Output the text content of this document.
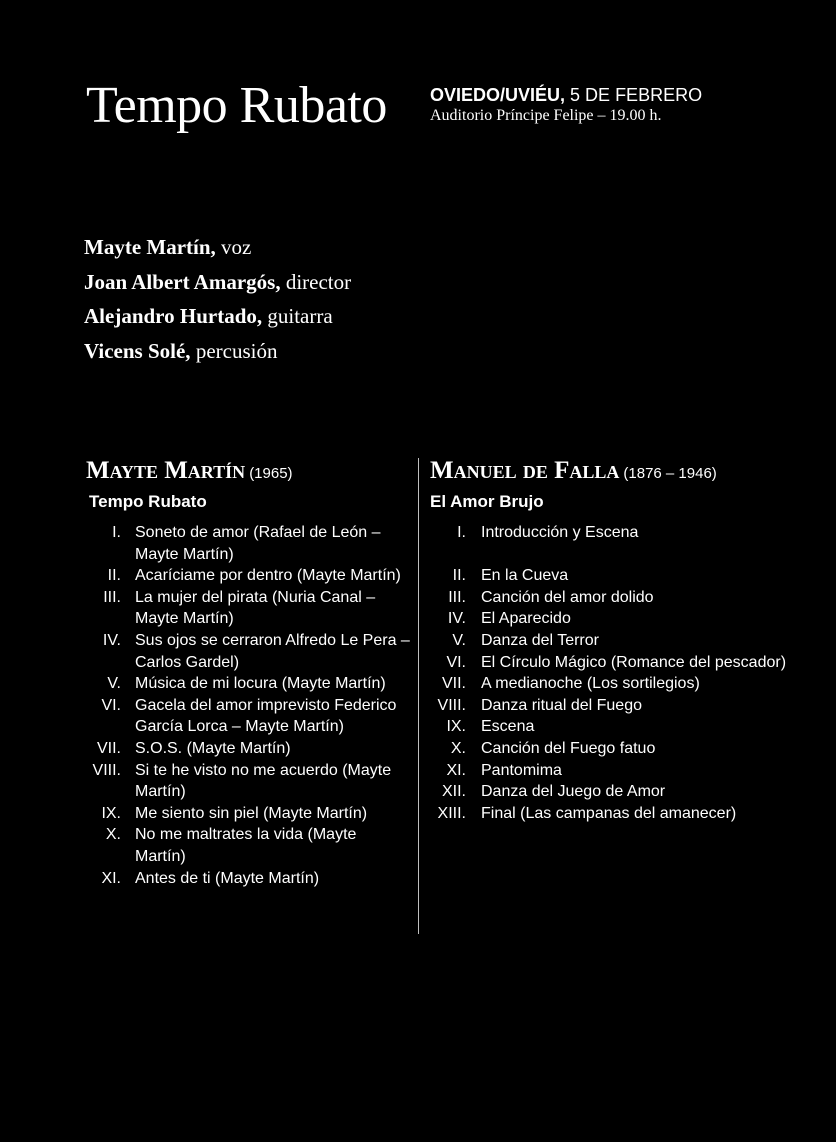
Tempo Rubato OVIEDO/UVIÉU, 5 DE FEBRERO
Auditorio Príncipe Felipe – 19.00 h.
Mayte Martín, voz
Joan Albert Amargós, director
Alejandro Hurtado, guitarra
Vicens Solé, percusión
Mayte Martín (1965)
Tempo Rubato
I. Soneto de amor (Rafael de León – Mayte Martín)
II. Acaríciame por dentro (Mayte Martín)
III. La mujer del pirata (Nuria Canal – Mayte Martín)
IV. Sus ojos se cerraron Alfredo Le Pera – Carlos Gardel)
V. Música de mi locura (Mayte Martín)
VI. Gacela del amor imprevisto Federico García Lorca – Mayte Martín)
VII. S.O.S. (Mayte Martín)
VIII. Si te he visto no me acuerdo (Mayte Martín)
IX. Me siento sin piel (Mayte Martín)
X. No me maltrates la vida (Mayte Martín)
XI. Antes de ti (Mayte Martín)
Manuel de Falla (1876 – 1946)
El Amor Brujo
I. Introducción y Escena
II. En la Cueva
III. Canción del amor dolido
IV. El Aparecido
V. Danza del Terror
VI. El Círculo Mágico (Romance del pescador)
VII. A medianoche (Los sortilegios)
VIII. Danza ritual del Fuego
IX. Escena
X. Canción del Fuego fatuo
XI. Pantomima
XII. Danza del Juego de Amor
XIII. Final (Las campanas del amanecer)
